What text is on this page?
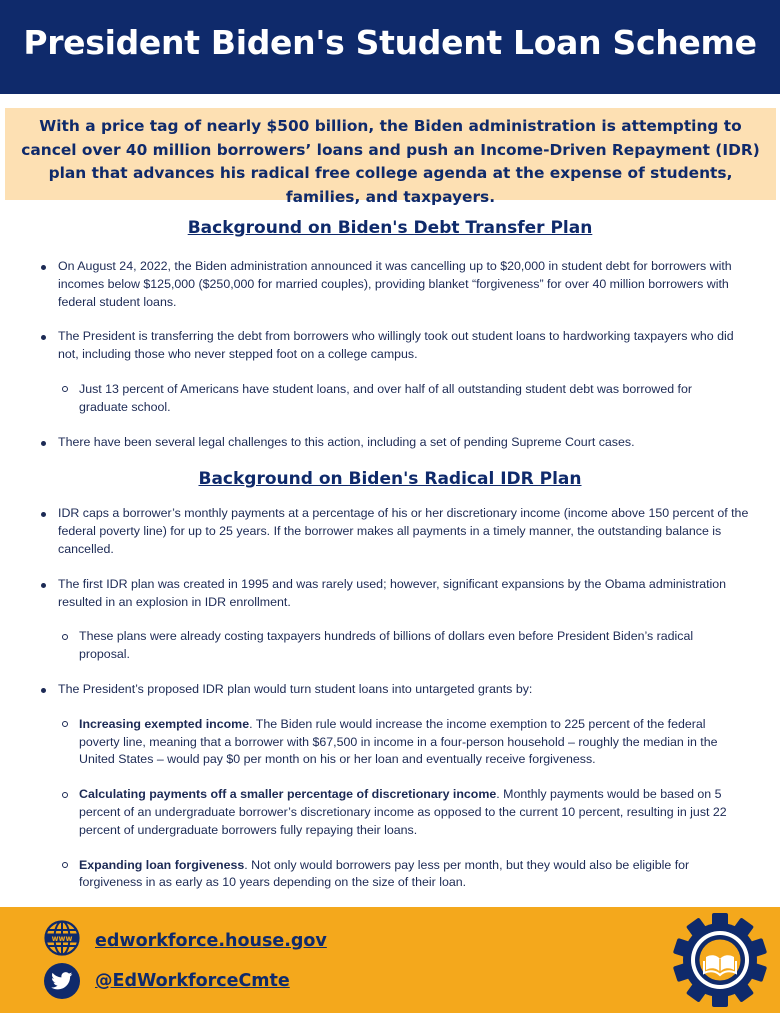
President Biden's Student Loan Scheme

With a price tag of nearly $500 billion, the Biden administration is attempting to cancel over 40 million borrowers’ loans and push an Income-Driven Repayment (IDR) plan that advances his radical free college agenda at the expense of students, families, and taxpayers.

Background on Biden's Debt Transfer Plan
On August 24, 2022, the Biden administration announced it was cancelling up to $20,000 in student debt for borrowers with incomes below $125,000 ($250,000 for married couples), providing blanket “forgiveness” for over 40 million borrowers with federal student loans.
The President is transferring the debt from borrowers who willingly took out student loans to hardworking taxpayers who did not, including those who never stepped foot on a college campus.
Just 13 percent of Americans have student loans, and over half of all outstanding student debt was borrowed for graduate school.
There have been several legal challenges to this action, including a set of pending Supreme Court cases.
Background on Biden's Radical IDR Plan
IDR caps a borrower’s monthly payments at a percentage of his or her discretionary income (income above 150 percent of the federal poverty line) for up to 25 years. If the borrower makes all payments in a timely manner, the outstanding balance is cancelled.
The first IDR plan was created in 1995 and was rarely used; however, significant expansions by the Obama administration resulted in an explosion in IDR enrollment.
These plans were already costing taxpayers hundreds of billions of dollars even before President Biden’s radical proposal.
The President’s proposed IDR plan would turn student loans into untargeted grants by:
Increasing exempted income. The Biden rule would increase the income exemption to 225 percent of the federal poverty line, meaning that a borrower with $67,500 in income in a four-person household – roughly the median in the United States – would pay $0 per month on his or her loan and eventually receive forgiveness.
Calculating payments off a smaller percentage of discretionary income. Monthly payments would be based on 5 percent of an undergraduate borrower’s discretionary income as opposed to the current 10 percent, resulting in just 22 percent of undergraduate borrowers fully repaying their loans.
Expanding loan forgiveness. Not only would borrowers pay less per month, but they would also be eligible for forgiveness in as early as 10 years depending on the size of their loan.
www edworkforce.house.gov
@EdWorkforceCmte
